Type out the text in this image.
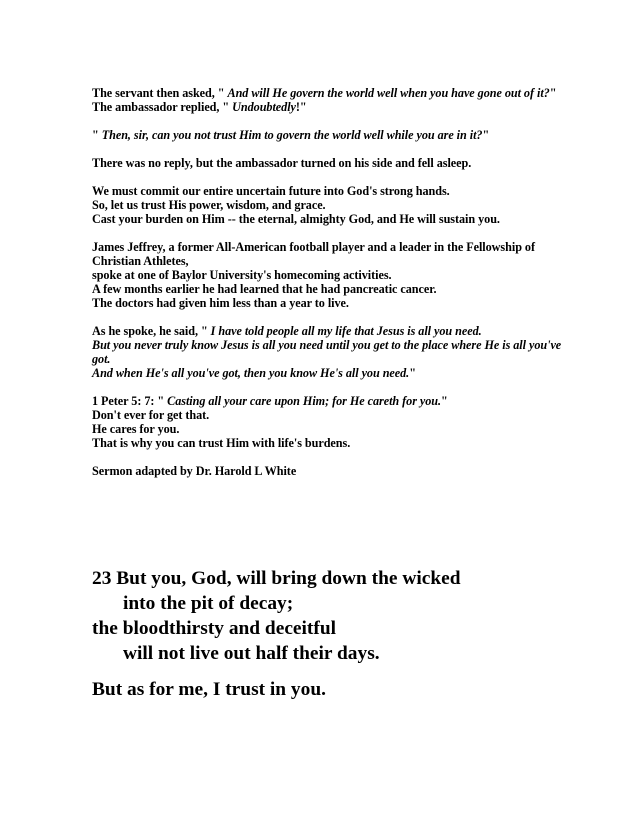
The servant then asked, " And will He govern the world well when you have gone out of it?"
The ambassador replied, " Undoubtedly!"

" Then, sir, can you not trust Him to govern the world well while you are in it?"

There was no reply, but the ambassador turned on his side and fell asleep.

We must commit our entire uncertain future into God's strong hands.
So, let us trust His power, wisdom, and grace.
Cast your burden on Him -- the eternal, almighty God, and He will sustain you.

James Jeffrey, a former All-American football player and a leader in the Fellowship of Christian Athletes,
spoke at one of Baylor University's homecoming activities.
A few months earlier he had learned that he had pancreatic cancer.
The doctors had given him less than a year to live.

As he spoke, he said, " I have told people all my life that Jesus is all you need.
But you never truly know Jesus is all you need until you get to the place where He is all you've got.
And when He's all you've got, then you know He's all you need."

1 Peter 5: 7: " Casting all your care upon Him; for He careth for you."
Don't ever for get that.
He cares for you.
That is why you can trust Him with life's burdens.

Sermon adapted by Dr. Harold L White

23 But you, God, will bring down the wicked
into the pit of decay;
the bloodthirsty and deceitful
will not live out half their days.
But as for me, I trust in you.
